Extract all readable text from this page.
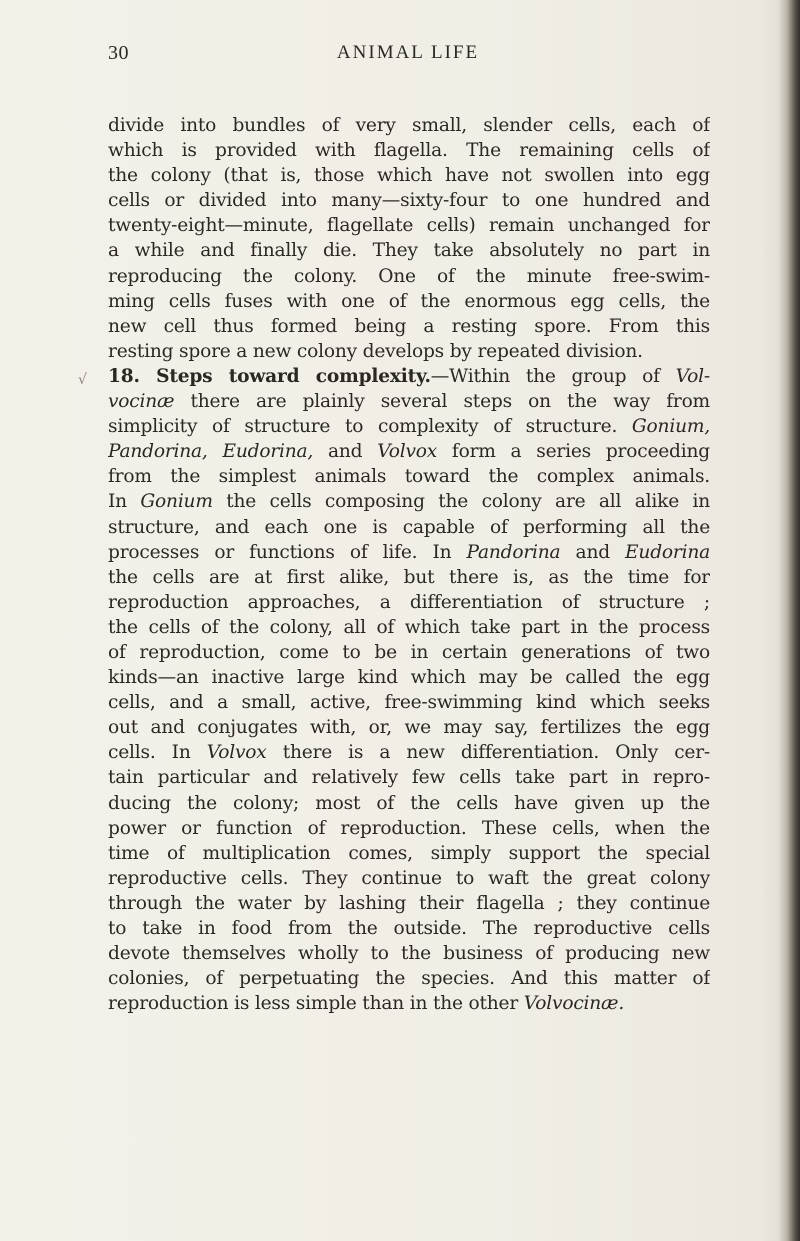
30	ANIMAL LIFE
√
divide into bundles of very small, slender cells, each of
which is provided with flagella. The remaining cells of
the colony (that is, those which have not swollen into egg
cells or divided into many—sixty-four to one hundred and
twenty-eight—minute, flagellate cells) remain unchanged for
a while and finally die. They take absolutely no part in
reproducing the colony. One of the minute free-swim-
ming cells fuses with one of the enormous egg cells, the
new cell thus formed being a resting spore. From this
resting spore a new colony develops by repeated division.
18. Steps toward complexity.—Within the group of Vol-
vocinæ there are plainly several steps on the way from
simplicity of structure to complexity of structure. Gonium,
Pandorina, Eudorina, and Volvox form a series proceeding
from the simplest animals toward the complex animals.
In Gonium the cells composing the colony are all alike in
structure, and each one is capable of performing all the
processes or functions of life. In Pandorina and Eudorina
the cells are at first alike, but there is, as the time for
reproduction approaches, a differentiation of structure ;
the cells of the colony, all of which take part in the process
of reproduction, come to be in certain generations of two
kinds—an inactive large kind which may be called the egg
cells, and a small, active, free-swimming kind which seeks
out and conjugates with, or, we may say, fertilizes the egg
cells. In Volvox there is a new differentiation. Only cer-
tain particular and relatively few cells take part in repro-
ducing the colony; most of the cells have given up the
power or function of reproduction. These cells, when the
time of multiplication comes, simply support the special
reproductive cells. They continue to waft the great colony
through the water by lashing their flagella ; they continue
to take in food from the outside. The reproductive cells
devote themselves wholly to the business of producing new
colonies, of perpetuating the species. And this matter of
reproduction is less simple than in the other Volvocinæ.
